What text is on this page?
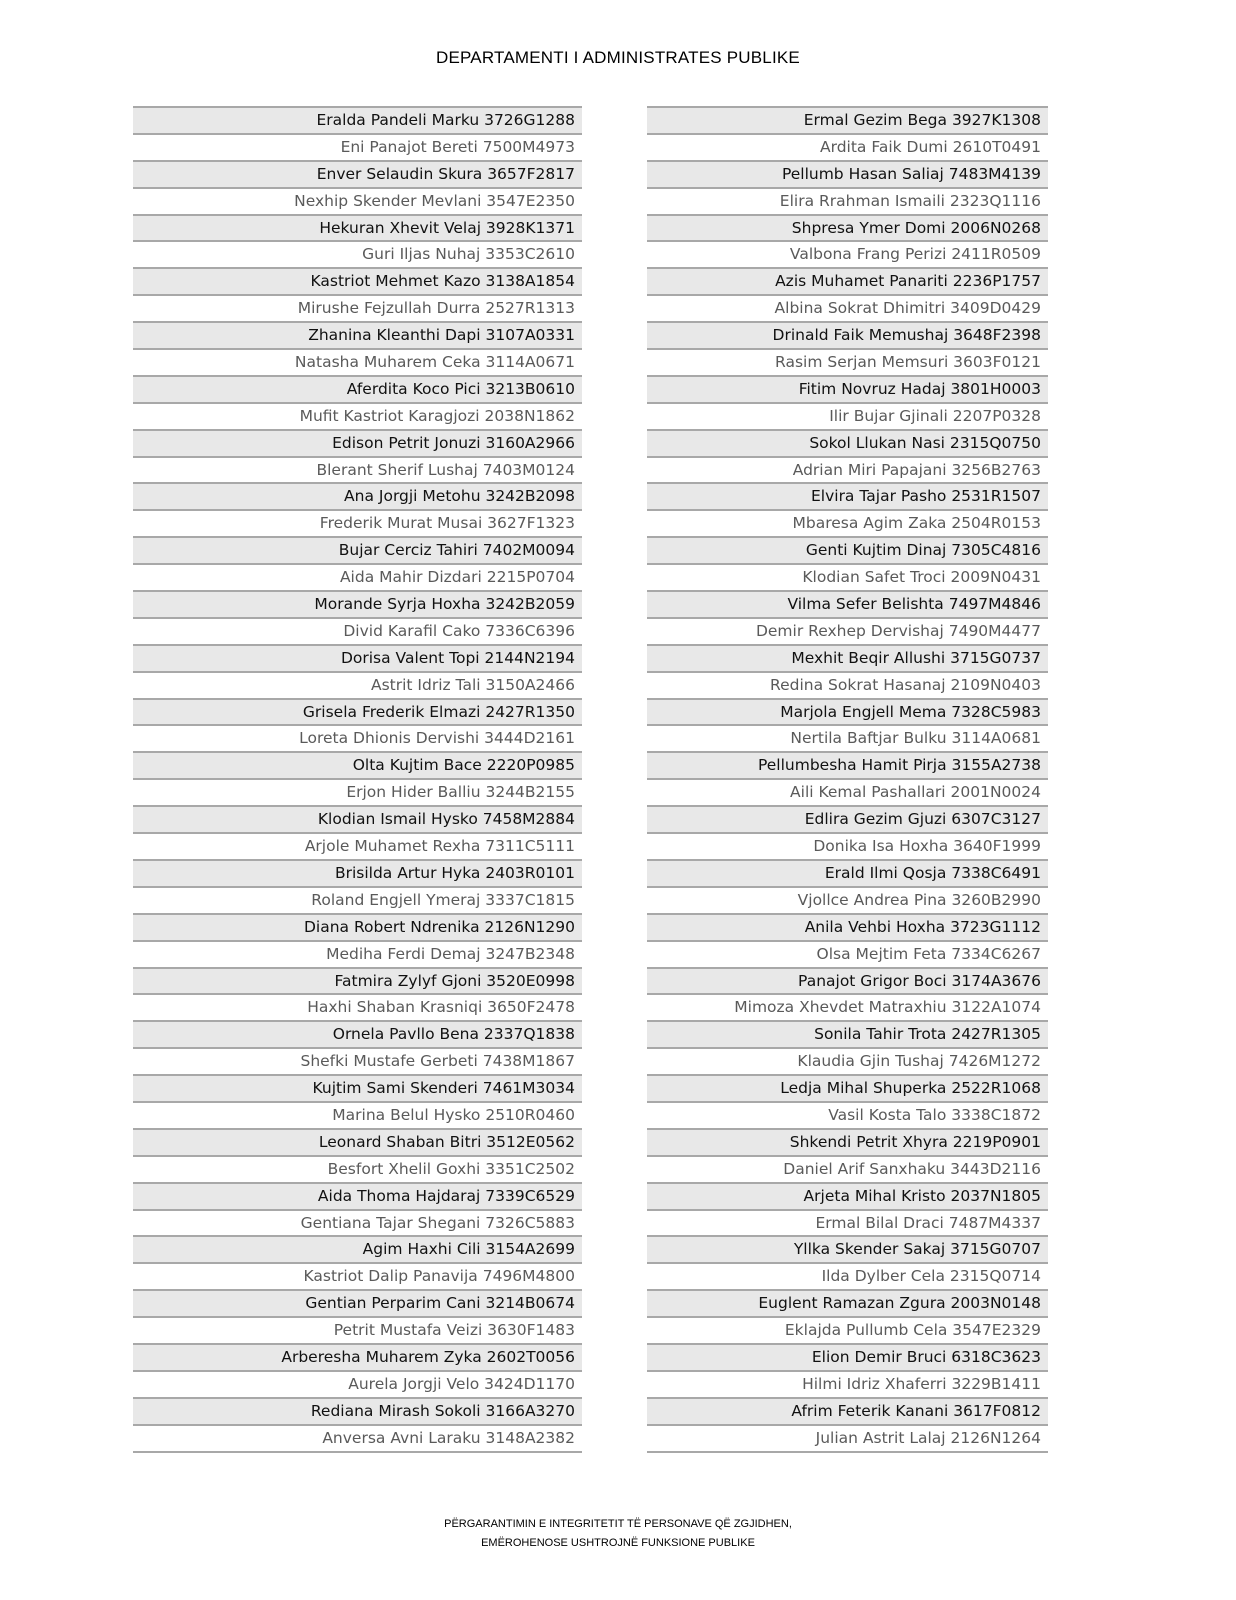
DEPARTAMENTI I ADMINISTRATES PUBLIKE
Eralda Pandeli Marku 3726G1288
Eni Panajot Bereti 7500M4973
Enver Selaudin Skura 3657F2817
Nexhip Skender Mevlani 3547E2350
Hekuran Xhevit Velaj 3928K1371
Guri Iljas Nuhaj 3353C2610
Kastriot Mehmet Kazo 3138A1854
Mirushe Fejzullah Durra 2527R1313
Zhanina Kleanthi Dapi 3107A0331
Natasha Muharem Ceka 3114A0671
Aferdita Koco Pici 3213B0610
Mufit Kastriot Karagjozi 2038N1862
Edison Petrit Jonuzi 3160A2966
Blerant Sherif Lushaj 7403M0124
Ana Jorgji Metohu 3242B2098
Frederik Murat Musai 3627F1323
Bujar Cerciz Tahiri 7402M0094
Aida Mahir Dizdari 2215P0704
Morande Syrja Hoxha 3242B2059
Divid Karafil Cako 7336C6396
Dorisa Valent Topi 2144N2194
Astrit Idriz Tali 3150A2466
Grisela Frederik Elmazi 2427R1350
Loreta Dhionis Dervishi 3444D2161
Olta Kujtim Bace 2220P0985
Erjon Hider Balliu 3244B2155
Klodian Ismail Hysko 7458M2884
Arjole Muhamet Rexha 7311C5111
Brisilda Artur Hyka 2403R0101
Roland Engjell Ymeraj 3337C1815
Diana Robert Ndrenika 2126N1290
Mediha Ferdi Demaj 3247B2348
Fatmira Zylyf Gjoni 3520E0998
Haxhi Shaban Krasniqi 3650F2478
Ornela Pavllo Bena 2337Q1838
Shefki Mustafe Gerbeti 7438M1867
Kujtim Sami Skenderi 7461M3034
Marina Belul Hysko 2510R0460
Leonard Shaban Bitri 3512E0562
Besfort Xhelil Goxhi 3351C2502
Aida Thoma Hajdaraj 7339C6529
Gentiana Tajar Shegani 7326C5883
Agim Haxhi Cili 3154A2699
Kastriot Dalip Panavija 7496M4800
Gentian Perparim Cani 3214B0674
Petrit Mustafa Veizi 3630F1483
Arberesha Muharem Zyka 2602T0056
Aurela Jorgji Velo 3424D1170
Rediana Mirash Sokoli 3166A3270
Anversa Avni Laraku 3148A2382
Ermal Gezim Bega 3927K1308
Ardita Faik Dumi 2610T0491
Pellumb Hasan Saliaj 7483M4139
Elira Rrahman Ismaili 2323Q1116
Shpresa Ymer Domi 2006N0268
Valbona Frang Perizi 2411R0509
Azis Muhamet Panariti 2236P1757
Albina Sokrat Dhimitri 3409D0429
Drinald Faik Memushaj 3648F2398
Rasim Serjan Memsuri 3603F0121
Fitim Novruz Hadaj 3801H0003
Ilir Bujar Gjinali 2207P0328
Sokol Llukan Nasi 2315Q0750
Adrian Miri Papajani 3256B2763
Elvira Tajar Pasho 2531R1507
Mbaresa Agim Zaka 2504R0153
Genti Kujtim Dinaj 7305C4816
Klodian Safet Troci 2009N0431
Vilma Sefer Belishta 7497M4846
Demir Rexhep Dervishaj 7490M4477
Mexhit Beqir Allushi 3715G0737
Redina Sokrat Hasanaj 2109N0403
Marjola Engjell Mema 7328C5983
Nertila Baftjar Bulku 3114A0681
Pellumbesha Hamit Pirja 3155A2738
Aili Kemal Pashallari 2001N0024
Edlira Gezim Gjuzi 6307C3127
Donika Isa Hoxha 3640F1999
Erald Ilmi Qosja 7338C6491
Vjollce Andrea Pina 3260B2990
Anila Vehbi Hoxha 3723G1112
Olsa Mejtim Feta 7334C6267
Panajot Grigor Boci 3174A3676
Mimoza Xhevdet Matraxhiu 3122A1074
Sonila Tahir Trota 2427R1305
Klaudia Gjin Tushaj 7426M1272
Ledja Mihal Shuperka 2522R1068
Vasil Kosta Talo 3338C1872
Shkendi Petrit Xhyra 2219P0901
Daniel Arif Sanxhaku 3443D2116
Arjeta Mihal Kristo 2037N1805
Ermal Bilal Draci 7487M4337
Yllka Skender Sakaj 3715G0707
Ilda Dylber Cela 2315Q0714
Euglent Ramazan Zgura 2003N0148
Eklajda Pullumb Cela 3547E2329
Elion Demir Bruci 6318C3623
Hilmi Idriz Xhaferri 3229B1411
Afrim Feterik Kanani 3617F0812
Julian Astrit Lalaj 2126N1264
PËRGARANTIMIN E INTEGRITETIT TË PERSONAVE QË ZGJIDHEN,
EMËROHENOSE USHTROJNË FUNKSIONE PUBLIKE
